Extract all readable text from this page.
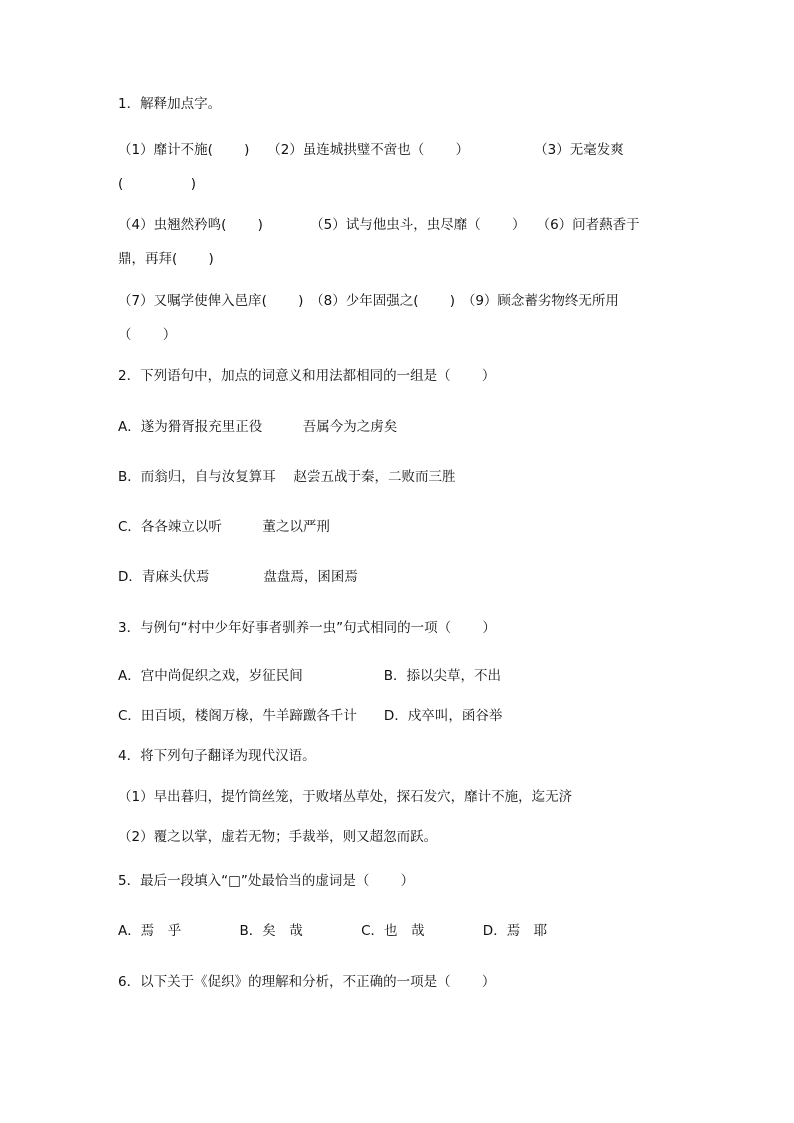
1．解释加点字。
（1）靡计不施(　　 )　 （2）虽连城拱璧不啻也（　　 ）　　　　　 （3）无毫发爽
(　　　　　)
（4）虫翘然矜鸣(　　 )　　　　（5）试与他虫斗，虫尽靡（　　 ）　 （6）问者爇香于
鼎，再拜(　　 )
（7）又嘱学使俾入邑庠(　　 )　（8）少年固强之(　　 )　（9）顾念蓄劣物终无所用
（　　 ）
2．下列语句中，加点的词意义和用法都相同的一组是（　　 ）
A．遂为猾胥报充里正役　　　吾属今为之虏矣
B．而翁归，自与汝复算耳　 赵尝五战于秦，二败而三胜
C．各各竦立以听　　　董之以严刑
D．青麻头伏焉　　　　盘盘焉，囷囷焉
3．与例句“村中少年好事者驯养一虫”句式相同的一项（　　 ）
A．宫中尚促织之戏，岁征民间　　　　　　B．掭以尖草，不出
C．田百顷，楼阁万椽，牛羊蹄躈各千计　　D．戍卒叫，函谷举
4．将下列句子翻译为现代汉语。
（1）早出暮归，提竹筒丝笼，于败堵丛草处，探石发穴，靡计不施，迄无济
（2）覆之以掌，虚若无物；手裁举，则又超忽而跃。
5．最后一段填入“□”处最恰当的虚词是（　　 ）
A．焉　乎　　　　 B．矣　哉　　　　 C．也　哉　　　　 D．焉　耶
6．以下关于《促织》的理解和分析，不正确的一项是（　　 ）
